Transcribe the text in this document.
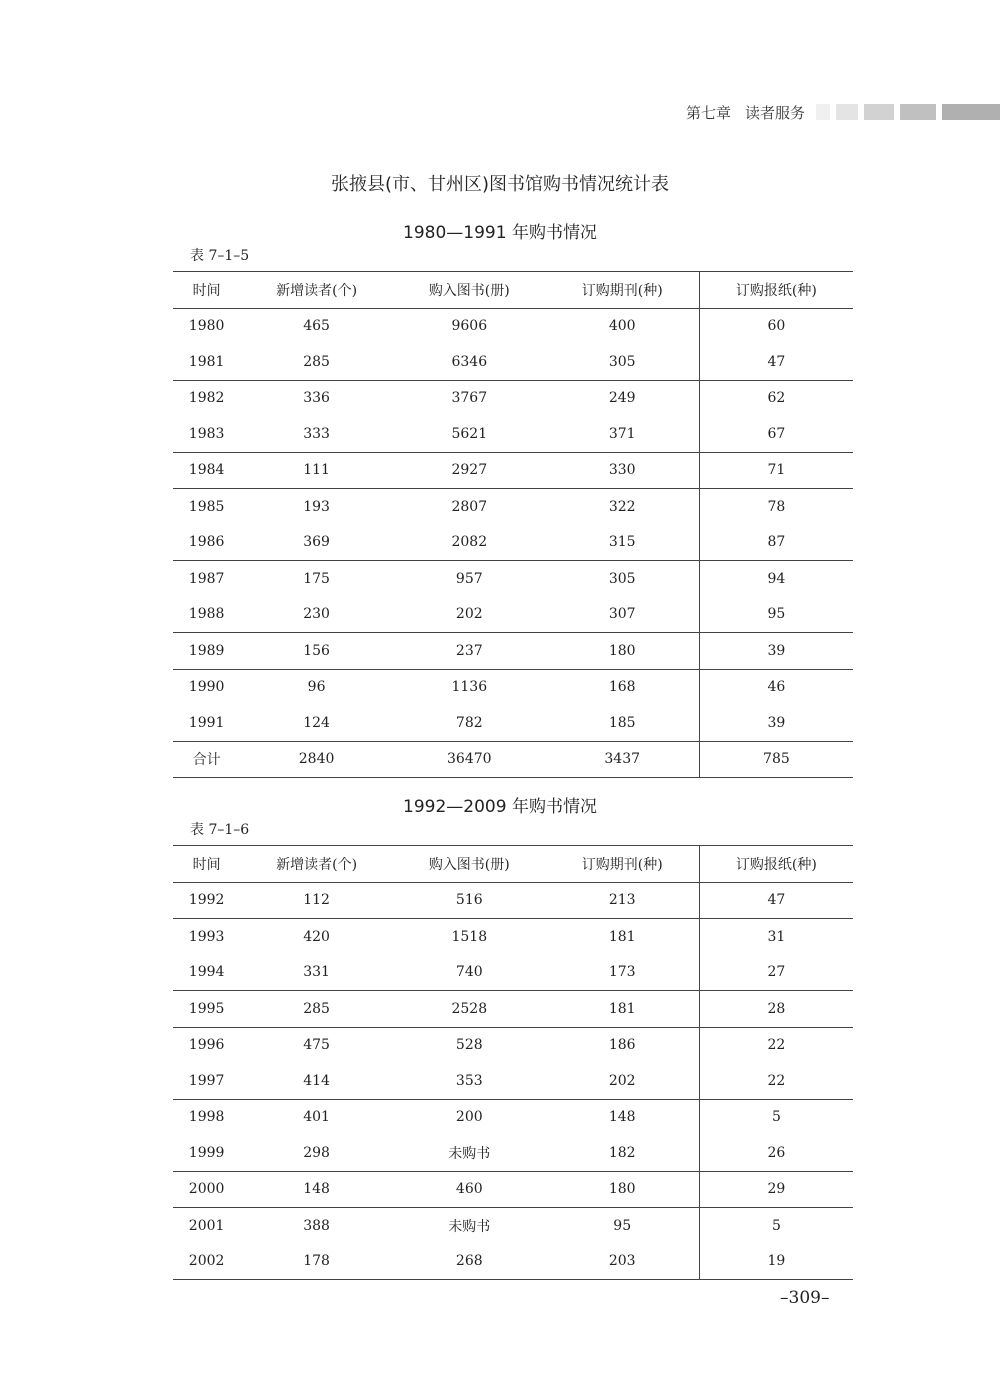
第七章 读者服务
张掖县(市、甘州区)图书馆购书情况统计表
1980—1991 年购书情况
表 7–1–5
时间	新增读者(个)	购入图书(册)	订购期刊(种)	订购报纸(种)
1980	465	9606	400	60
1981	285	6346	305	47
1982	336	3767	249	62
1983	333	5621	371	67
1984	111	2927	330	71
1985	193	2807	322	78
1986	369	2082	315	87
1987	175	957	305	94
1988	230	202	307	95
1989	156	237	180	39
1990	96	1136	168	46
1991	124	782	185	39
合计	2840	36470	3437	785
1992—2009 年购书情况
表 7–1–6
时间	新增读者(个)	购入图书(册)	订购期刊(种)	订购报纸(种)
1992	112	516	213	47
1993	420	1518	181	31
1994	331	740	173	27
1995	285	2528	181	28
1996	475	528	186	22
1997	414	353	202	22
1998	401	200	148	5
1999	298	未购书	182	26
2000	148	460	180	29
2001	388	未购书	95	5
2002	178	268	203	19
–309–
